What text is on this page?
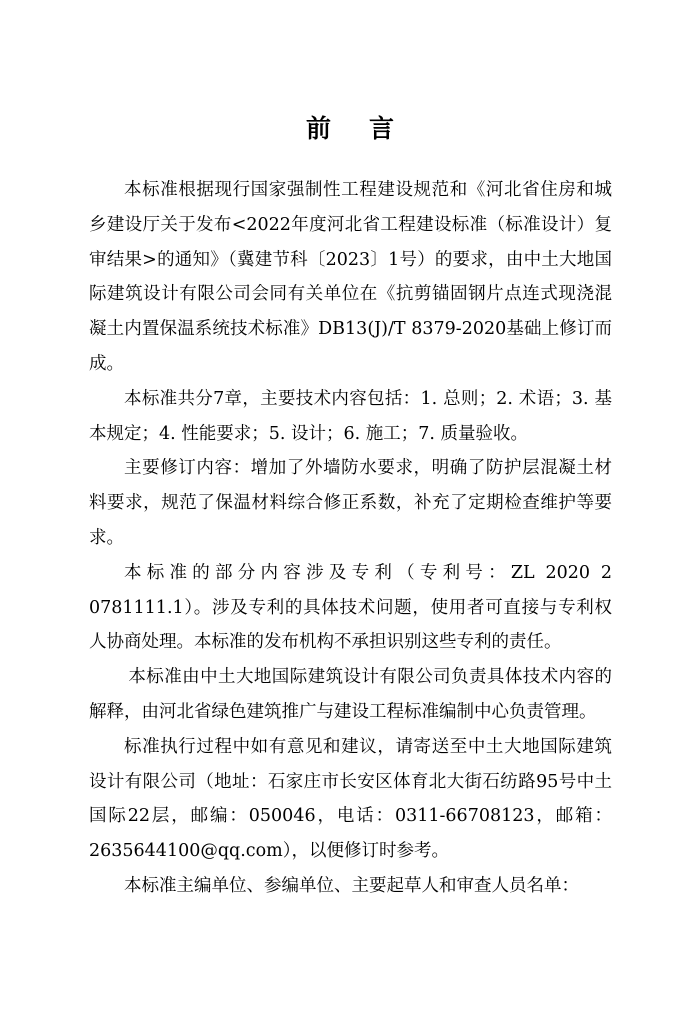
前言

本标准根据现行国家强制性工程建设规范和《河北省住房和城乡建设厅关于发布<2022年度河北省工程建设标准（标准设计）复审结果>的通知》（冀建节科〔2023〕1号）的要求，由中土大地国际建筑设计有限公司会同有关单位在《抗剪锚固钢片点连式现浇混凝土内置保温系统技术标准》DB13(J)/T 8379-2020基础上修订而成。

本标准共分7章，主要技术内容包括：1. 总则；2. 术语；3. 基本规定；4. 性能要求；5. 设计；6. 施工；7. 质量验收。

主要修订内容：增加了外墙防水要求，明确了防护层混凝土材料要求，规范了保温材料综合修正系数，补充了定期检查维护等要求。

本标准的部分内容涉及专利（专利号：ZL 2020 2 0781111.1）。涉及专利的具体技术问题，使用者可直接与专利权人协商处理。本标准的发布机构不承担识别这些专利的责任。

本标准由中土大地国际建筑设计有限公司负责具体技术内容的解释，由河北省绿色建筑推广与建设工程标准编制中心负责管理。

标准执行过程中如有意见和建议，请寄送至中土大地国际建筑设计有限公司（地址：石家庄市长安区体育北大街石纺路95号中土国际22层，邮编：050046，电话：0311-66708123，邮箱：2635644100@qq.com），以便修订时参考。

本标准主编单位、参编单位、主要起草人和审查人员名单：
